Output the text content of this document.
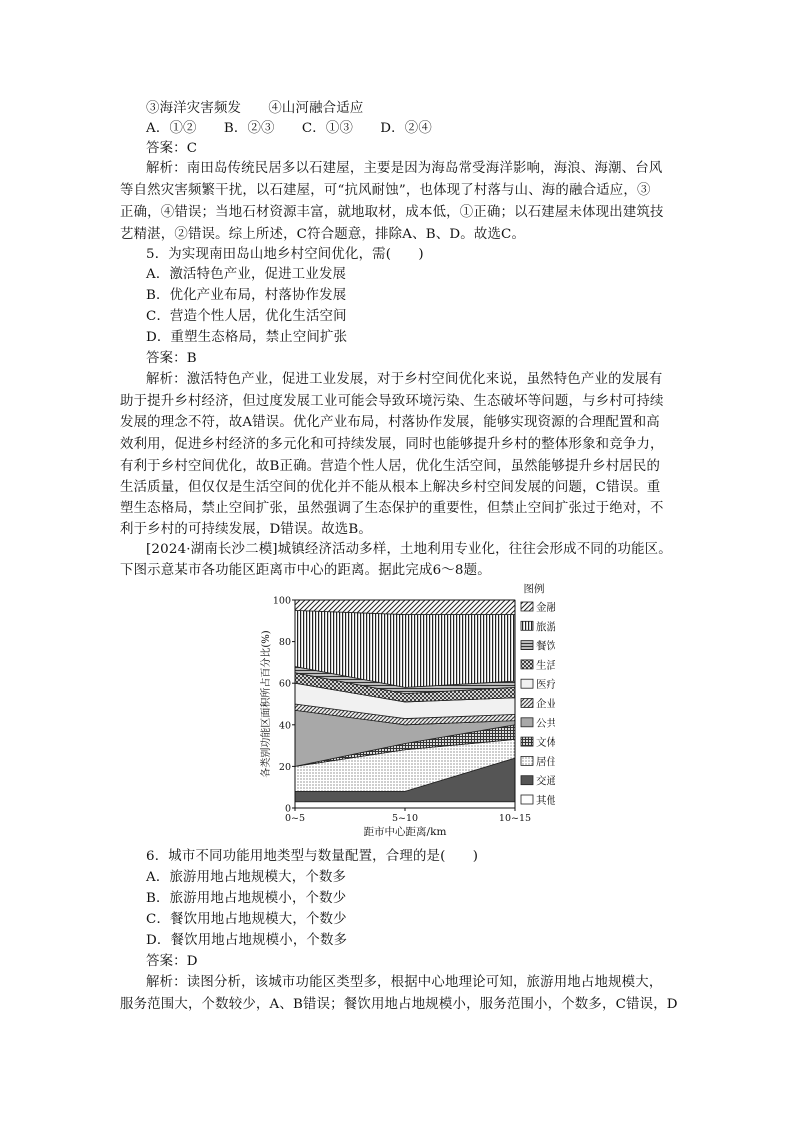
③海洋灾害频发　　④山河融合适应
A．①②　　B．②③　　C．①③　　D．②④
答案：C
解析：南田岛传统民居多以石建屋，主要是因为海岛常受海洋影响，海浪、海潮、台风
等自然灾害频繁干扰，以石建屋，可“抗风耐蚀”，也体现了村落与山、海的融合适应，③
正确，④错误；当地石材资源丰富，就地取材，成本低，①正确；以石建屋未体现出建筑技
艺精湛，②错误。综上所述，C符合题意，排除A、B、D。故选C。
5．为实现南田岛山地乡村空间优化，需(　　)
A．激活特色产业，促进工业发展
B．优化产业布局，村落协作发展
C．营造个性人居，优化生活空间
D．重塑生态格局，禁止空间扩张
答案：B
解析：激活特色产业，促进工业发展，对于乡村空间优化来说，虽然特色产业的发展有
助于提升乡村经济，但过度发展工业可能会导致环境污染、生态破坏等问题，与乡村可持续
发展的理念不符，故A错误。优化产业布局，村落协作发展，能够实现资源的合理配置和高
效利用，促进乡村经济的多元化和可持续发展，同时也能够提升乡村的整体形象和竞争力，
有利于乡村空间优化，故B正确。营造个性人居，优化生活空间，虽然能够提升乡村居民的
生活质量，但仅仅是生活空间的优化并不能从根本上解决乡村空间发展的问题，C错误。重
塑生态格局，禁止空间扩张，虽然强调了生态保护的重要性，但禁止空间扩张过于绝对，不
利于乡村的可持续发展，D错误。故选B。
[2024·湖南长沙二模]城镇经济活动多样，土地利用专业化，往往会形成不同的功能区。
下图示意某市各功能区距离市中心的距离。据此完成6～8题。
0
20
40
60
80
100
0~5	5~10	10~15
距市中心距离/km
各类别功能区面积所占百分比(%)
图例
金融
旅游
餐饮
生活
医疗
企业
公共
文体
居住
交通
其他
6．城市不同功能用地类型与数量配置，合理的是(　　)
A．旅游用地占地规模大，个数多
B．旅游用地占地规模小，个数少
C．餐饮用地占地规模大，个数少
D．餐饮用地占地规模小，个数多
答案：D
解析：读图分析，该城市功能区类型多，根据中心地理论可知，旅游用地占地规模大，
服务范围大，个数较少，A、B错误；餐饮用地占地规模小，服务范围小，个数多，C错误，D
